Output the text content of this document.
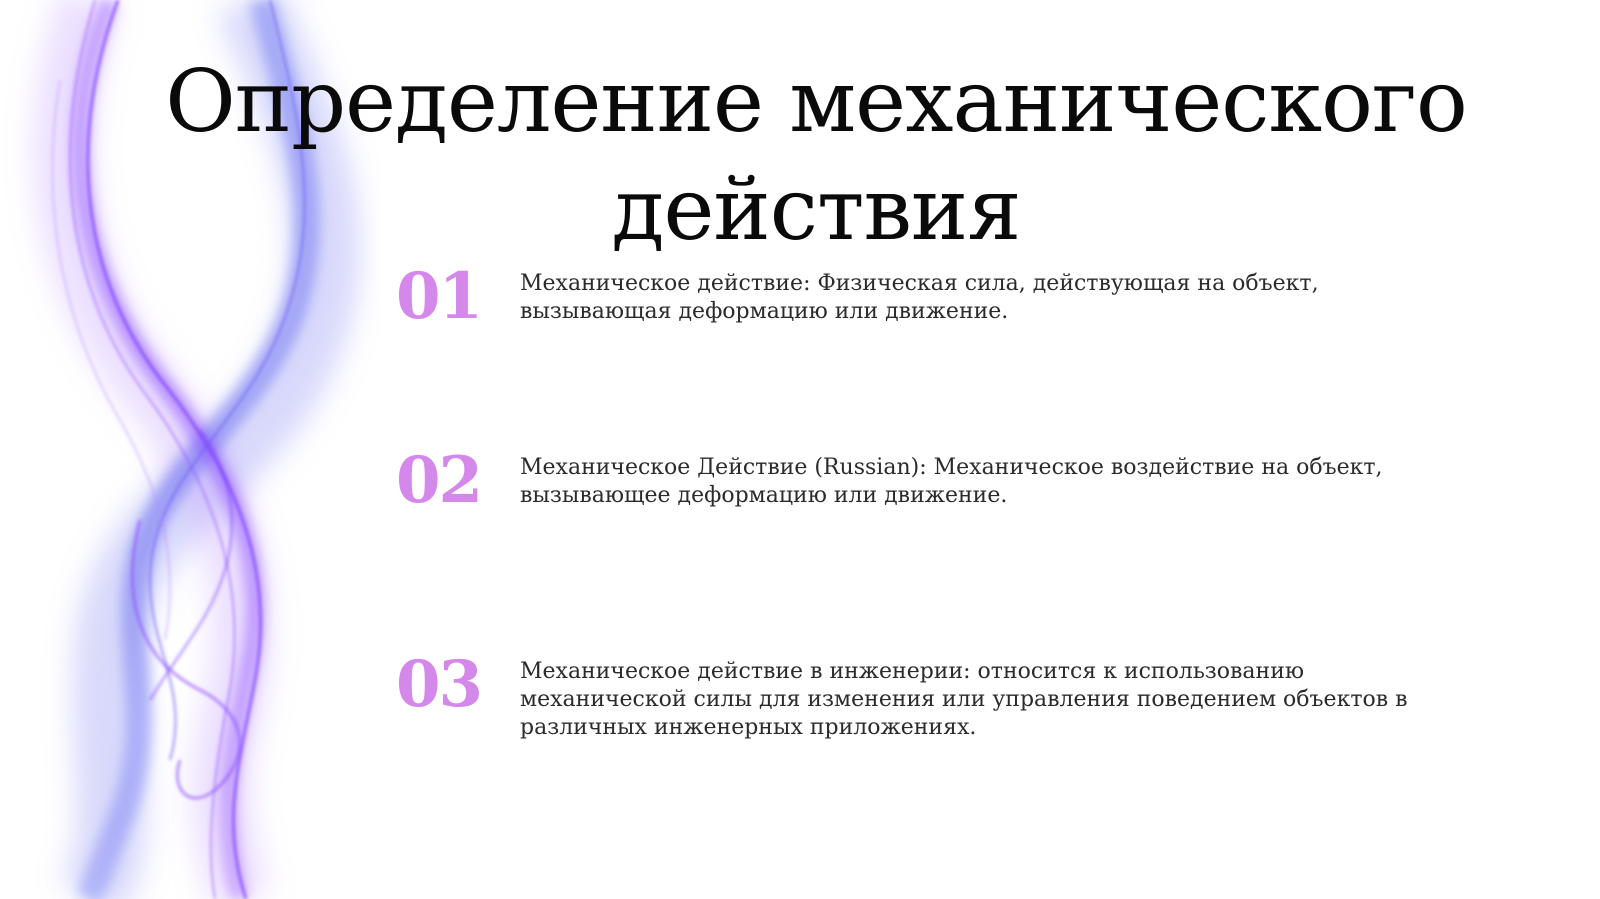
Определение механического действия
01 Механическое действие: Физическая сила, действующая на объект, вызывающая деформацию или движение.
02 Механическое Действие (Russian): Механическое воздействие на объект, вызывающее деформацию или движение.
03 Механическое действие в инженерии: относится к использованию механической силы для изменения или управления поведением объектов в различных инженерных приложениях.
